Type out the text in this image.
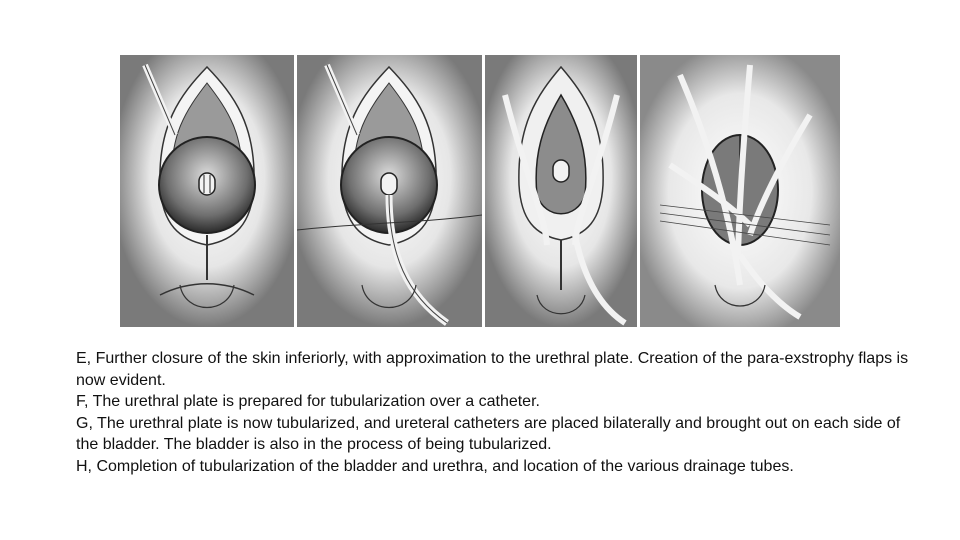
E, Further closure of the skin inferiorly, with approximation to the urethral plate. Creation of the para-exstrophy flaps is now evident.

F, The urethral plate is prepared for tubularization over a catheter.

G, The urethral plate is now tubularized, and ureteral catheters are placed bilaterally and brought out on each side of the bladder. The bladder is also in the process of being tubularized.

H, Completion of tubularization of the bladder and urethra, and location of the various drainage tubes.
